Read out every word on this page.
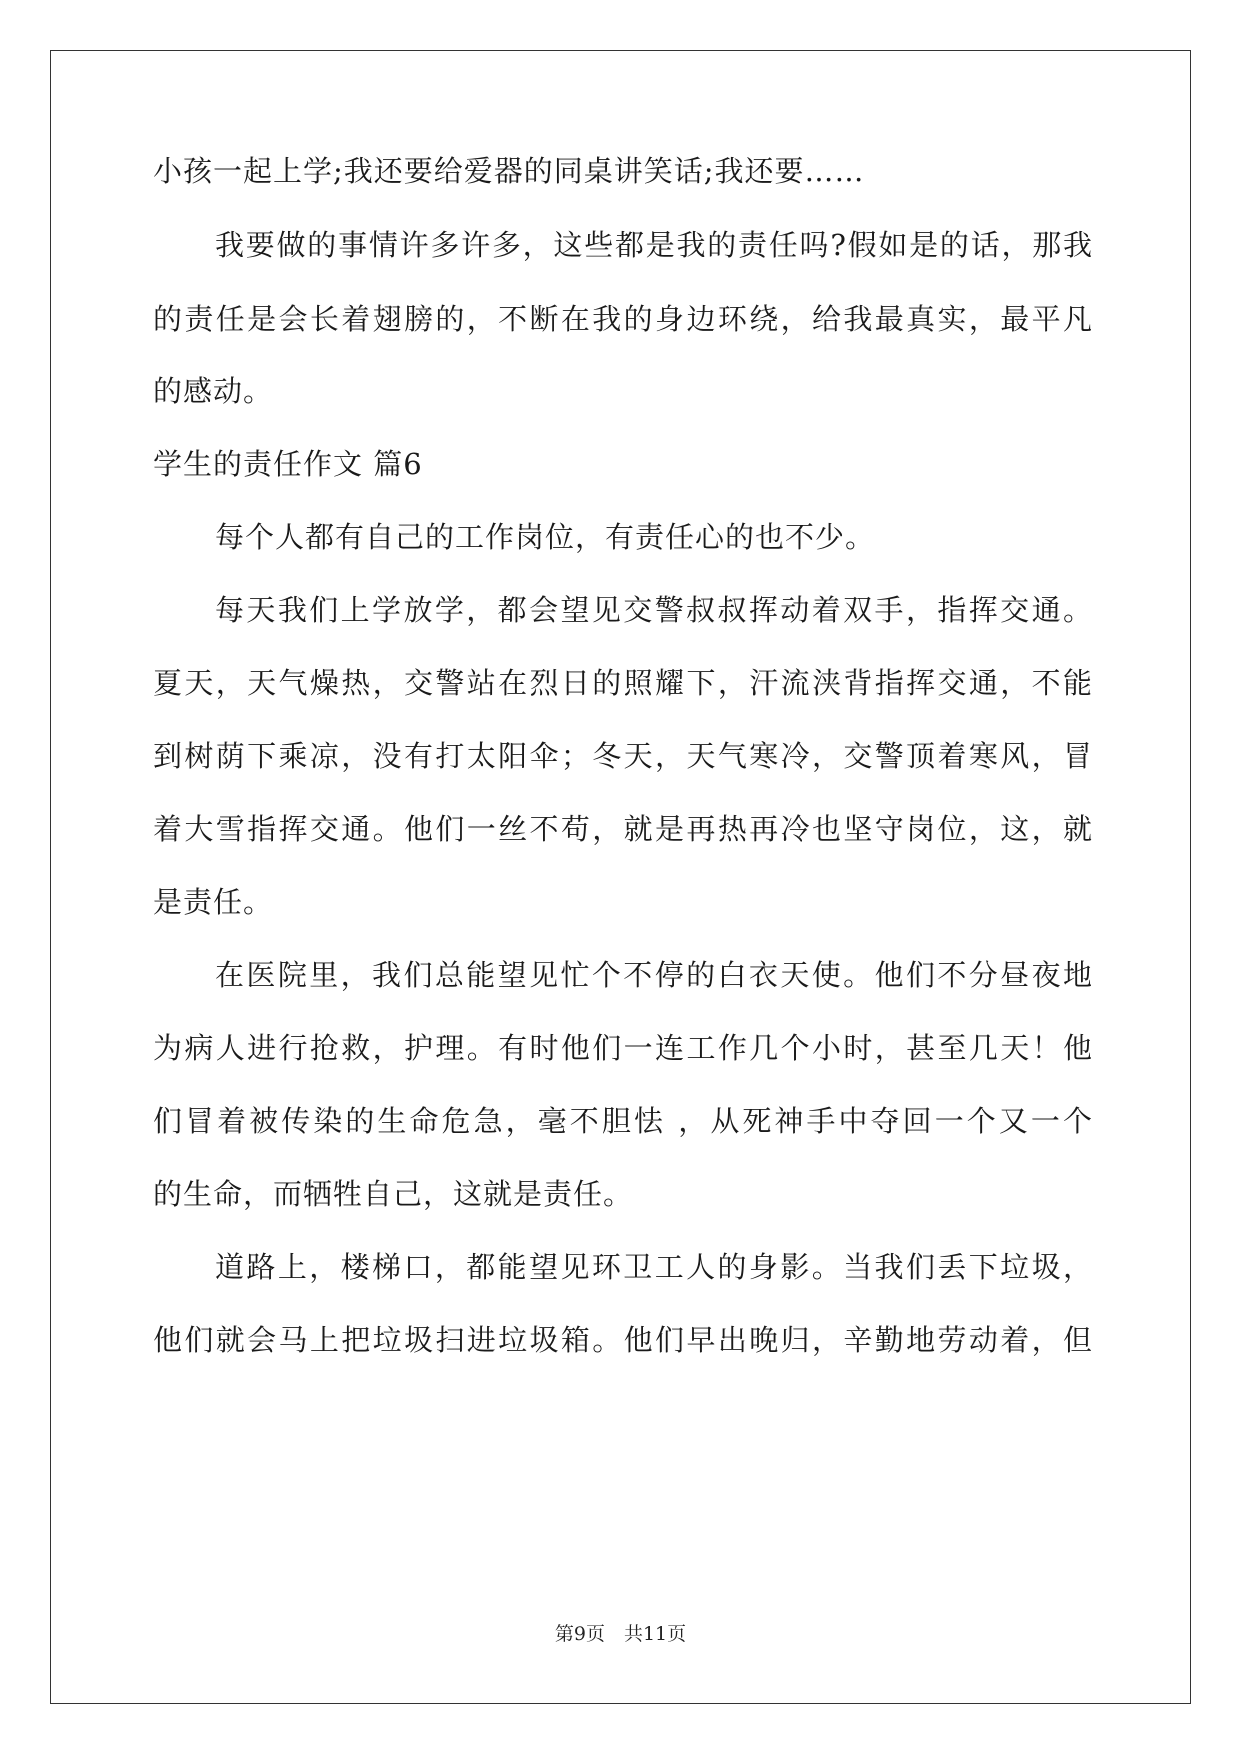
小孩一起上学;我还要给爱器的同桌讲笑话;我还要……
我要做的事情许多许多，这些都是我的责任吗?假如是的话，那我
的责任是会长着翅膀的，不断在我的身边环绕，给我最真实，最平凡
的感动。
学生的责任作文 篇6
每个人都有自己的工作岗位，有责任心的也不少。
每天我们上学放学，都会望见交警叔叔挥动着双手，指挥交通。
夏天，天气燥热，交警站在烈日的照耀下，汗流浃背指挥交通，不能
到树荫下乘凉，没有打太阳伞；冬天，天气寒冷，交警顶着寒风，冒
着大雪指挥交通。他们一丝不苟，就是再热再冷也坚守岗位，这，就
是责任。
在医院里，我们总能望见忙个不停的白衣天使。他们不分昼夜地
为病人进行抢救，护理。有时他们一连工作几个小时，甚至几天！他
们冒着被传染的生命危急，毫不胆怯 ，从死神手中夺回一个又一个
的生命，而牺牲自己，这就是责任。
道路上，楼梯口，都能望见环卫工人的身影。当我们丢下垃圾，
他们就会马上把垃圾扫进垃圾箱。他们早出晚归，辛勤地劳动着，但
第9页　共11页
